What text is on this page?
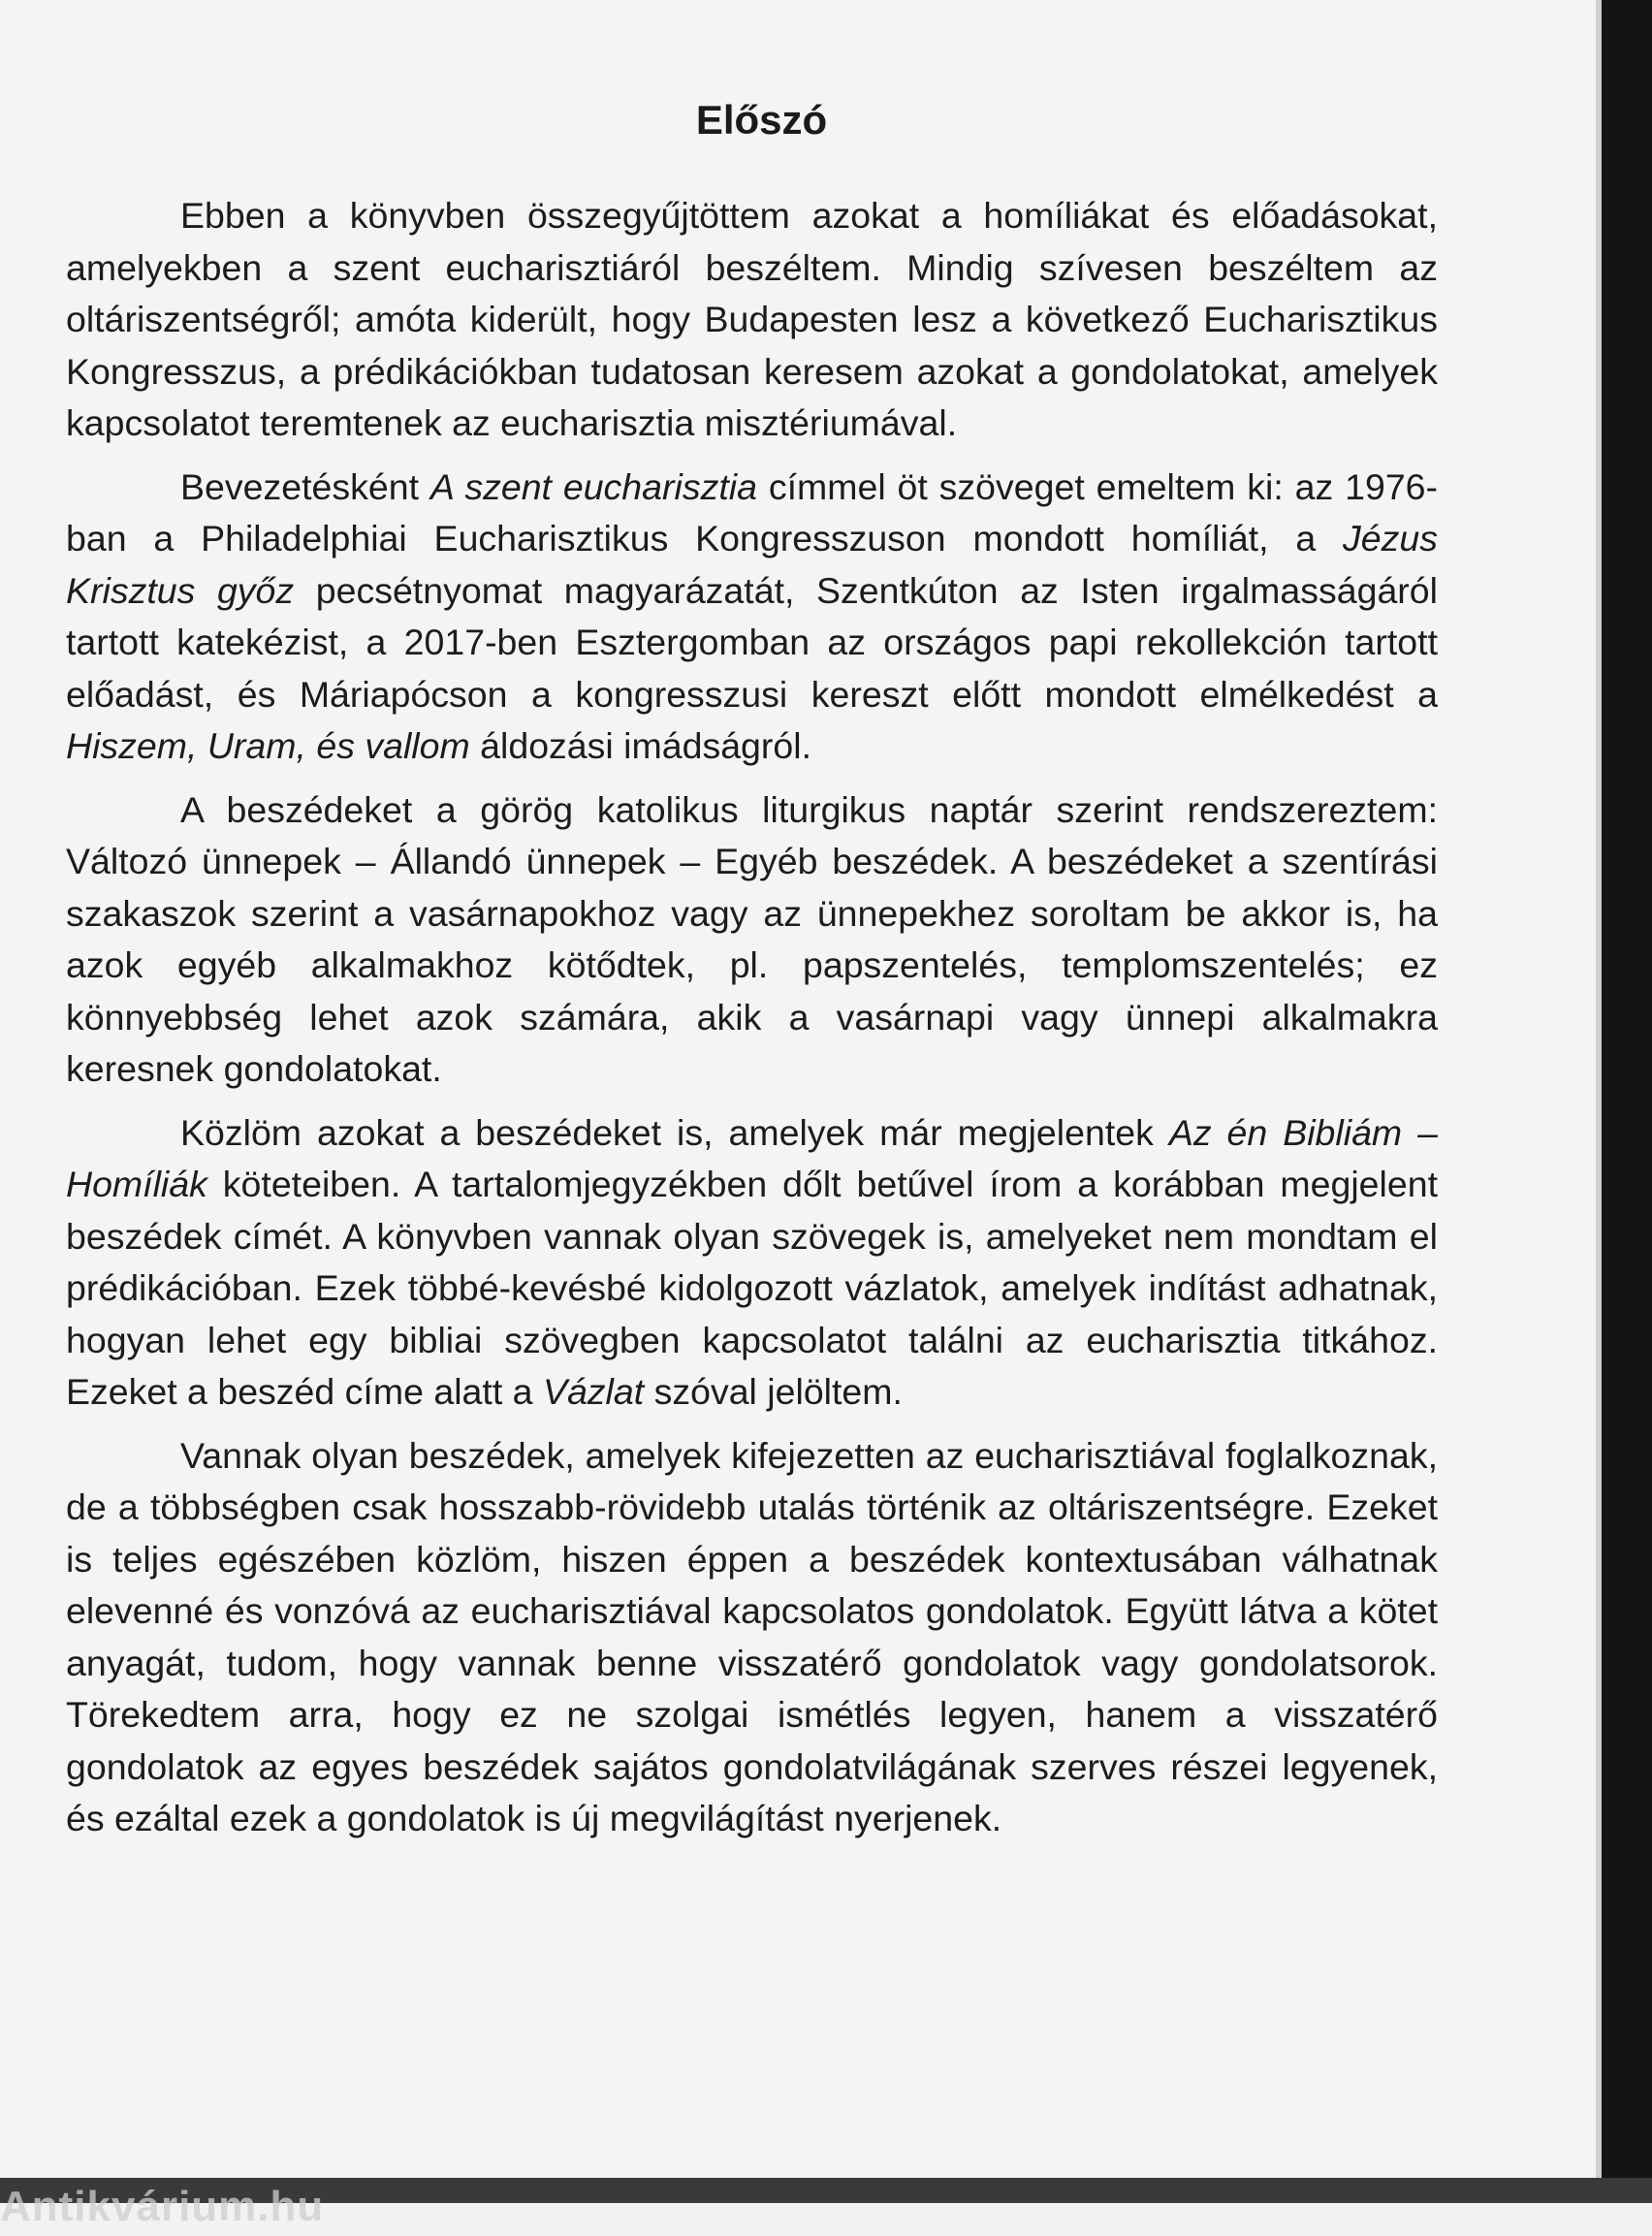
Antikvárium.hu
Előszó

Ebben a könyvben összegyűjtöttem azokat a homíliákat és előadásokat, amelyekben a szent eucharisztiáról beszéltem. Mindig szívesen beszéltem az oltáriszentségről; amóta kiderült, hogy Budapesten lesz a következő Eucharisztikus Kongresszus, a prédikációkban tudatosan keresem azokat a gondolatokat, amelyek kapcsolatot teremtenek az eucharisztia misztériumával.

Bevezetésként A szent eucharisztia címmel öt szöveget emeltem ki: az 1976-ban a Philadelphiai Eucharisztikus Kongresszuson mondott homíliát, a Jézus Krisztus győz pecsétnyomat magyarázatát, Szentkúton az Isten irgalmasságáról tartott katekézist, a 2017-ben Esztergomban az országos papi rekollekción tartott előadást, és Máriapócson a kongresszusi kereszt előtt mondott elmélkedést a Hiszem, Uram, és vallom áldozási imádságról.

A beszédeket a görög katolikus liturgikus naptár szerint rendszereztem: Változó ünnepek – Állandó ünnepek – Egyéb beszédek. A beszédeket a szentírási szakaszok szerint a vasárnapokhoz vagy az ünnepekhez soroltam be akkor is, ha azok egyéb alkalmakhoz kötődtek, pl. papszentelés, templomszentelés; ez könnyebbség lehet azok számára, akik a vasárnapi vagy ünnepi alkalmakra keresnek gondolatokat.

Közlöm azokat a beszédeket is, amelyek már megjelentek Az én Bibliám – Homíliák köteteiben. A tartalomjegyzékben dőlt betűvel írom a korábban megjelent beszédek címét. A könyvben vannak olyan szövegek is, amelyeket nem mondtam el prédikációban. Ezek többé-kevésbé kidolgozott vázlatok, amelyek indítást adhatnak, hogyan lehet egy bibliai szövegben kapcsolatot találni az eucharisztia titkához. Ezeket a beszéd címe alatt a Vázlat szóval jelöltem.

Vannak olyan beszédek, amelyek kifejezetten az eucharisztiával foglalkoznak, de a többségben csak hosszabb-rövidebb utalás történik az oltáriszentségre. Ezeket is teljes egészében közlöm, hiszen éppen a beszédek kontextusában válhatnak elevenné és vonzóvá az eucharisztiával kapcsolatos gondolatok. Együtt látva a kötet anyagát, tudom, hogy vannak benne visszatérő gondolatok vagy gondolatsorok. Törekedtem arra, hogy ez ne szolgai ismétlés legyen, hanem a visszatérő gondolatok az egyes beszédek sajátos gondolatvilágának szerves részei legyenek, és ezáltal ezek a gondolatok is új megvilágítást nyerjenek.
